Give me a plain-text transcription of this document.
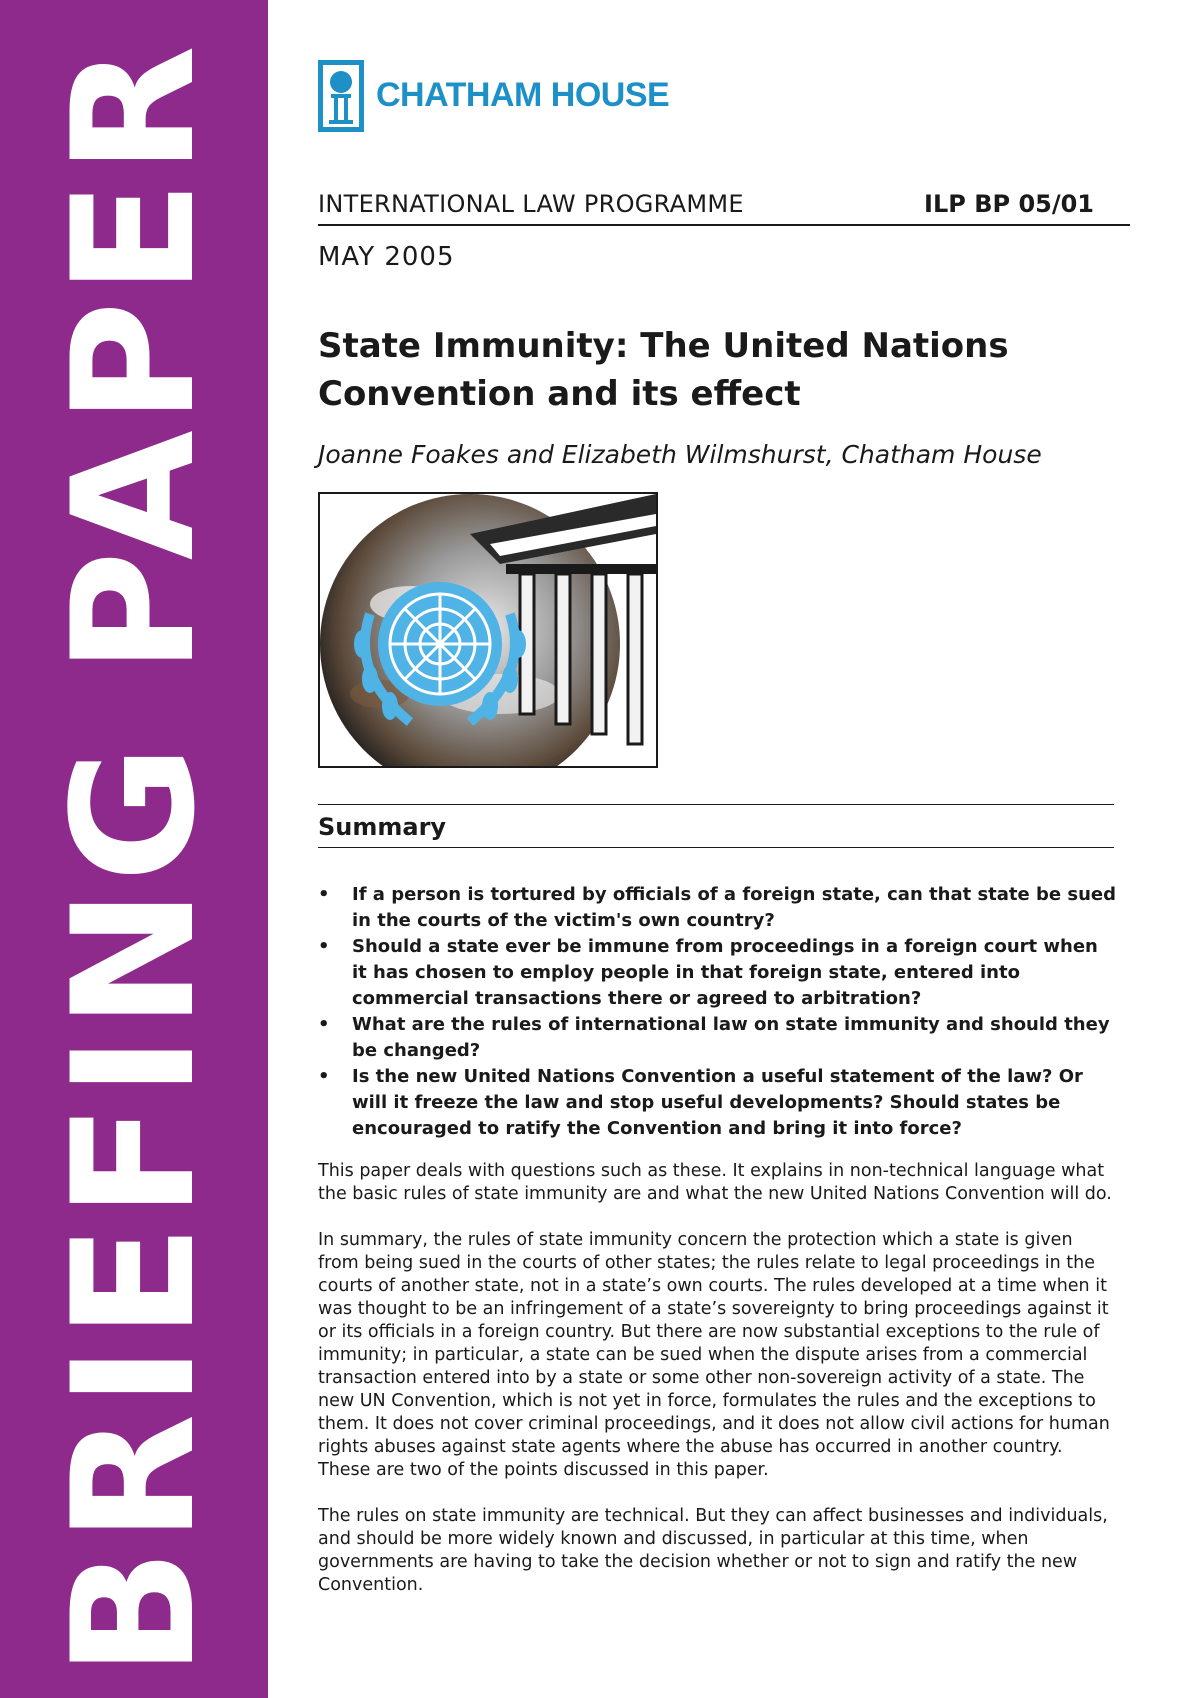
BRIEFING PAPER	CHATHAM HOUSE
INTERNATIONAL LAW PROGRAMME	ILP BP 05/01
MAY 2005
State Immunity: The United Nations
Convention and its effect
Joanne Foakes and Elizabeth Wilmshurst, Chatham House
Summary
• If a person is tortured by officials of a foreign state, can that state be sued in the courts of the victim's own country?
• Should a state ever be immune from proceedings in a foreign court when it has chosen to employ people in that foreign state, entered into commercial transactions there or agreed to arbitration?
• What are the rules of international law on state immunity and should they be changed?
• Is the new United Nations Convention a useful statement of the law? Or will it freeze the law and stop useful developments? Should states be encouraged to ratify the Convention and bring it into force?

This paper deals with questions such as these. It explains in non-technical language what the basic rules of state immunity are and what the new United Nations Convention will do.

In summary, the rules of state immunity concern the protection which a state is given from being sued in the courts of other states; the rules relate to legal proceedings in the courts of another state, not in a state’s own courts. The rules developed at a time when it was thought to be an infringement of a state’s sovereignty to bring proceedings against it or its officials in a foreign country. But there are now substantial exceptions to the rule of immunity; in particular, a state can be sued when the dispute arises from a commercial transaction entered into by a state or some other non-sovereign activity of a state. The new UN Convention, which is not yet in force, formulates the rules and the exceptions to them. It does not cover criminal proceedings, and it does not allow civil actions for human rights abuses against state agents where the abuse has occurred in another country. These are two of the points discussed in this paper.

The rules on state immunity are technical. But they can affect businesses and individuals, and should be more widely known and discussed, in particular at this time, when governments are having to take the decision whether or not to sign and ratify the new Convention.
